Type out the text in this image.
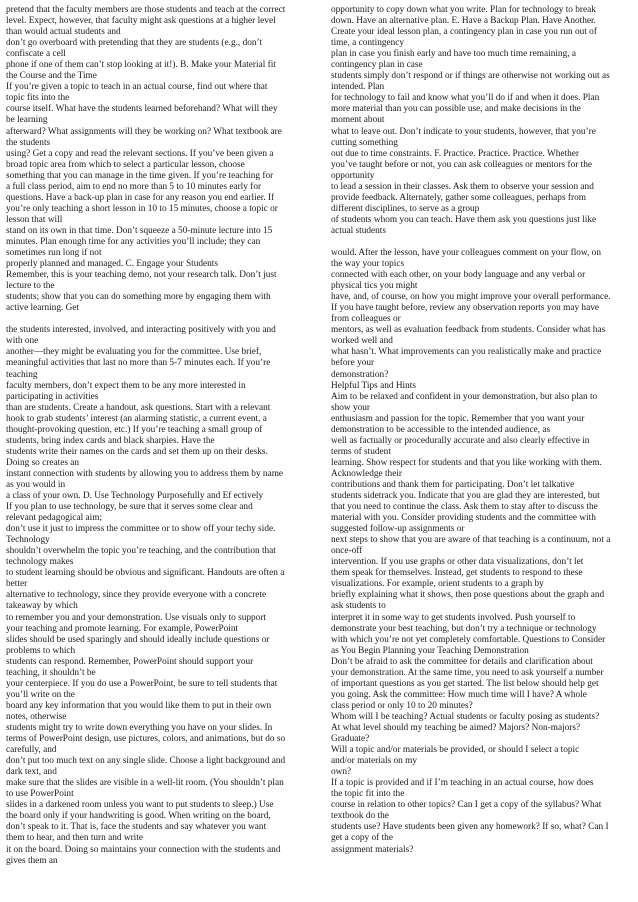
pretend that the faculty members are those students and teach at the correct
level. Expect, however, that faculty might ask questions at a higher level
than would actual students and
don’t go overboard with pretending that they are students (e.g., don’t
confiscate a cell
phone if one of them can’t stop looking at it!). B. Make your Material fit
the Course and the Time
If you’re given a topic to teach in an actual course, find out where that
topic fits into the
course itself. What have the students learned beforehand? What will they
be learning
afterward? What assignments will they be working on? What textbook are
the students
using? Get a copy and read the relevant sections. If you’ve been given a
broad topic area from which to select a particular lesson, choose
something that you can manage in the time given. If you’re teaching for
a full class period, aim to end no more than 5 to 10 minutes early for
questions. Have a back-up plan in case for any reason you end earlier. If
you’re only teaching a short lesson in 10 to 15 minutes, choose a topic or
lesson that will
stand on its own in that time. Don’t squeeze a 50-minute lecture into 15
minutes. Plan enough time for any activities you’ll include; they can
sometimes run long if not
properly planned and managed. C. Engage your Students
Remember, this is your teaching demo, not your research talk. Don’t just
lecture to the
students; show that you can do something more by engaging them with
active learning. Get
the students interested, involved, and interacting positively with you and
with one
another—they might be evaluating you for the committee. Use brief,
meaningful activities that last no more than 5-7 minutes each. If you’re
teaching
faculty members, don’t expect them to be any more interested in
participating in activities
than are students. Create a handout, ask questions. Start with a relevant
hook to grab students’ interest (an alarming statistic, a current event, a
thought-provoking question, etc.) If you’re teaching a small group of
students, bring index cards and black sharpies. Have the
students write their names on the cards and set them up on their desks.
Doing so creates an
instant connection with students by allowing you to address them by name
as you would in
a class of your own. D. Use Technology Purposefully and Ef ectively
If you plan to use technology, be sure that it serves some clear and
relevant pedagogical aim;
don’t use it just to impress the committee or to show off your techy side.
Technology
shouldn’t overwhelm the topic you’re teaching, and the contribution that
technology makes
to student learning should be obvious and significant. Handouts are often a
better
alternative to technology, since they provide everyone with a concrete
takeaway by which
to remember you and your demonstration. Use visuals only to support
your teaching and promote learning. For example, PowerPoint
slides should be used sparingly and should ideally include questions or
problems to which
students can respond. Remember, PowerPoint should support your
teaching, it shouldn’t be
your centerpiece. If you do use a PowerPoint, be sure to tell students that
you’ll write on the
board any key information that you would like them to put in their own
notes, otherwise
students might try to write down everything you have on your slides. In
terms of PowerPoint design, use pictures, colors, and animations, but do so
carefully, and
don’t put too much text on any single slide. Choose a light background and
dark text, and
make sure that the slides are visible in a well-lit room. (You shouldn’t plan
to use PowerPoint
slides in a darkened room unless you want to put students to sleep.) Use
the board only if your handwriting is good. When writing on the board,
don’t speak to it. That is, face the students and say whatever you want
them to hear, and then turn and write
it on the board. Doing so maintains your connection with the students and
gives them an
opportunity to copy down what you write. Plan for technology to break
down. Have an alternative plan. E. Have a Backup Plan. Have Another.
Create your ideal lesson plan, a contingency plan in case you run out of
time, a contingency
plan in case you finish early and have too much time remaining, a
contingency plan in case
students simply don’t respond or if things are otherwise not working out as
intended. Plan
for technology to fail and know what you’ll do if and when it does. Plan
more material than you can possible use, and make decisions in the
moment about
what to leave out. Don’t indicate to your students, however, that you’re
cutting something
out due to time constraints. F. Practice. Practice. Practice. Whether
you’ve taught before or not, you can ask colleagues or mentors for the
opportunity
to lead a session in their classes. Ask them to observe your session and
provide feedback. Alternately, gather some colleagues, perhaps from
different disciplines, to serve as a group
of students whom you can teach. Have them ask you questions just like
actual students
would. After the lesson, have your colleagues comment on your flow, on
the way your topics
connected with each other, on your body language and any verbal or
physical tics you might
have, and, of course, on how you might improve your overall performance.
If you have taught before, review any observation reports you may have
from colleagues or
mentors, as well as evaluation feedback from students. Consider what has
worked well and
what hasn’t. What improvements can you realistically make and practice
before your
demonstration?
Helpful Tips and Hints
Aim to be relaxed and confident in your demonstration, but also plan to
show your
enthusiasm and passion for the topic. Remember that you want your
demonstration to be accessible to the intended audience, as
well as factually or procedurally accurate and also clearly effective in
terms of student
learning. Show respect for students and that you like working with them.
Acknowledge their
contributions and thank them for participating. Don’t let talkative
students sidetrack you. Indicate that you are glad they are interested, but
that you need to continue the class. Ask them to stay after to discuss the
material with you. Consider providing students and the committee with
suggested follow-up assignments or
next steps to show that you are aware of that teaching is a continuum, not a
once-off
intervention. If you use graphs or other data visualizations, don’t let
them speak for themselves. Instead, get students to respond to these
visualizations. For example, orient students to a graph by
briefly explaining what it shows, then pose questions about the graph and
ask students to
interpret it in some way to get students involved. Push yourself to
demonstrate your best teaching, but don’t try a technique or technology
with which you’re not yet completely comfortable. Questions to Consider
as You Begin Planning your Teaching Demonstration
Don’t be afraid to ask the committee for details and clarification about
your demonstration. At the same time, you need to ask yourself a number
of important questions as you get started. The list below should help get
you going. Ask the committee: How much time will I have? A whole
class period or only 10 to 20 minutes?
Whom will I be teaching? Actual students or faculty posing as students?
At what level should my teaching be aimed? Majors? Non-majors?
Graduate?
Will a topic and/or materials be provided, or should I select a topic
and/or materials on my
own?
If a topic is provided and if I’m teaching in an actual course, how does
the topic fit into the
course in relation to other topics? Can I get a copy of the syllabus? What
textbook do the
students use? Have students been given any homework? If so, what? Can I
get a copy of the
assignment materials?
